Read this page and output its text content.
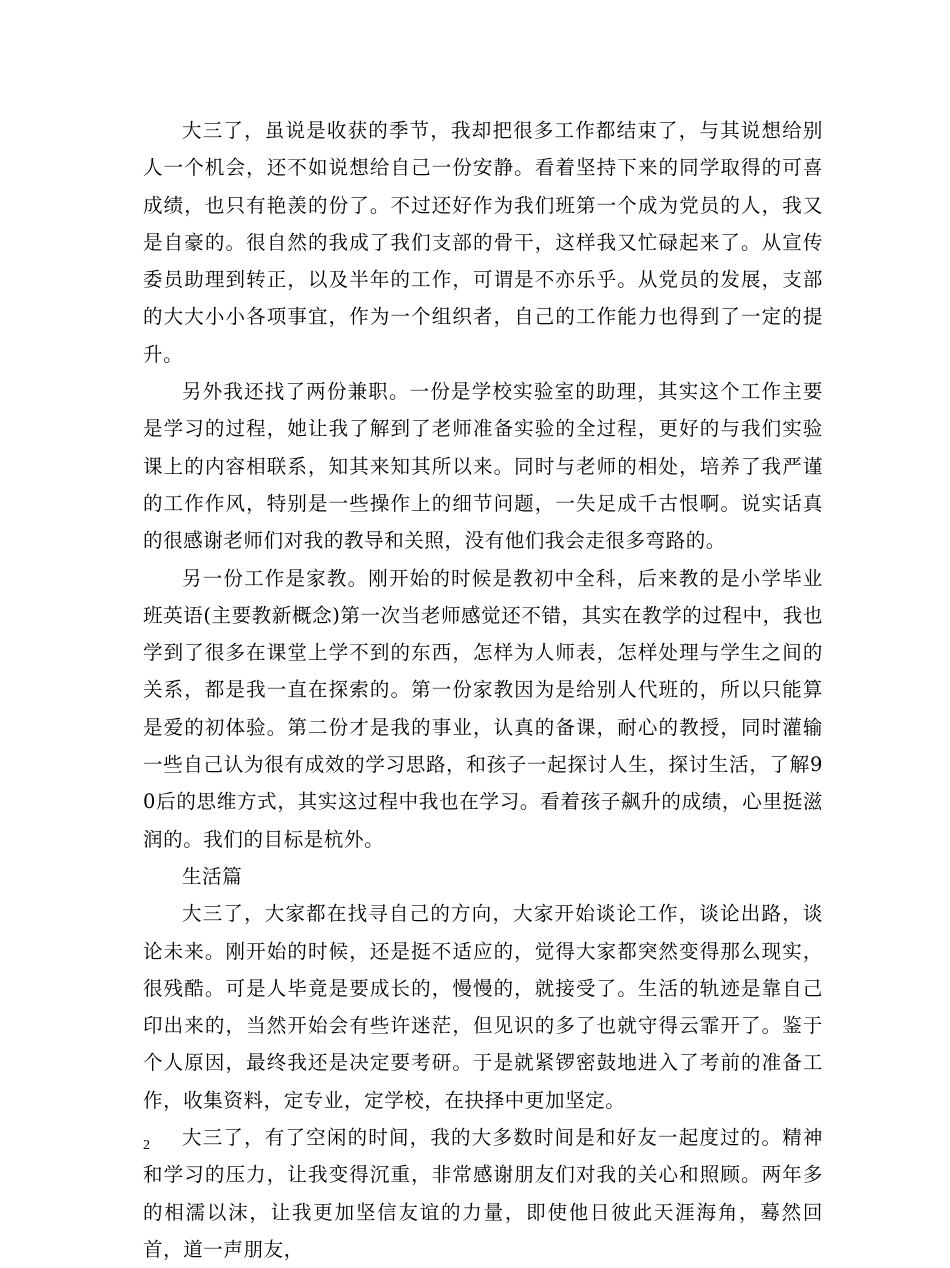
大三了，虽说是收获的季节，我却把很多工作都结束了，与其说想给别人一个机会，还不如说想给自己一份安静。看着坚持下来的同学取得的可喜成绩，也只有艳羡的份了。不过还好作为我们班第一个成为党员的人，我又是自豪的。很自然的我成了我们支部的骨干，这样我又忙碌起来了。从宣传委员助理到转正，以及半年的工作，可谓是不亦乐乎。从党员的发展，支部的大大小小各项事宜，作为一个组织者，自己的工作能力也得到了一定的提升。

另外我还找了两份兼职。一份是学校实验室的助理，其实这个工作主要是学习的过程，她让我了解到了老师准备实验的全过程，更好的与我们实验课上的内容相联系，知其来知其所以来。同时与老师的相处，培养了我严谨的工作作风，特别是一些操作上的细节问题，一失足成千古恨啊。说实话真的很感谢老师们对我的教导和关照，没有他们我会走很多弯路的。

另一份工作是家教。刚开始的时候是教初中全科，后来教的是小学毕业班英语(主要教新概念)第一次当老师感觉还不错，其实在教学的过程中，我也学到了很多在课堂上学不到的东西，怎样为人师表，怎样处理与学生之间的关系，都是我一直在探索的。第一份家教因为是给别人代班的，所以只能算是爱的初体验。第二份才是我的事业，认真的备课，耐心的教授，同时灌输一些自己认为很有成效的学习思路，和孩子一起探讨人生，探讨生活，了解90后的思维方式，其实这过程中我也在学习。看着孩子飙升的成绩，心里挺滋润的。我们的目标是杭外。

生活篇

大三了，大家都在找寻自己的方向，大家开始谈论工作，谈论出路，谈论未来。刚开始的时候，还是挺不适应的，觉得大家都突然变得那么现实，很残酷。可是人毕竟是要成长的，慢慢的，就接受了。生活的轨迹是靠自己印出来的，当然开始会有些许迷茫，但见识的多了也就守得云霏开了。鉴于个人原因，最终我还是决定要考研。于是就紧锣密鼓地进入了考前的准备工作，收集资料，定专业，定学校，在抉择中更加坚定。

大三了，有了空闲的时间，我的大多数时间是和好友一起度过的。精神和学习的压力，让我变得沉重，非常感谢朋友们对我的关心和照顾。两年多的相濡以沫，让我更加坚信友谊的力量，即使他日彼此天涯海角，蓦然回首，道一声朋友，

2
